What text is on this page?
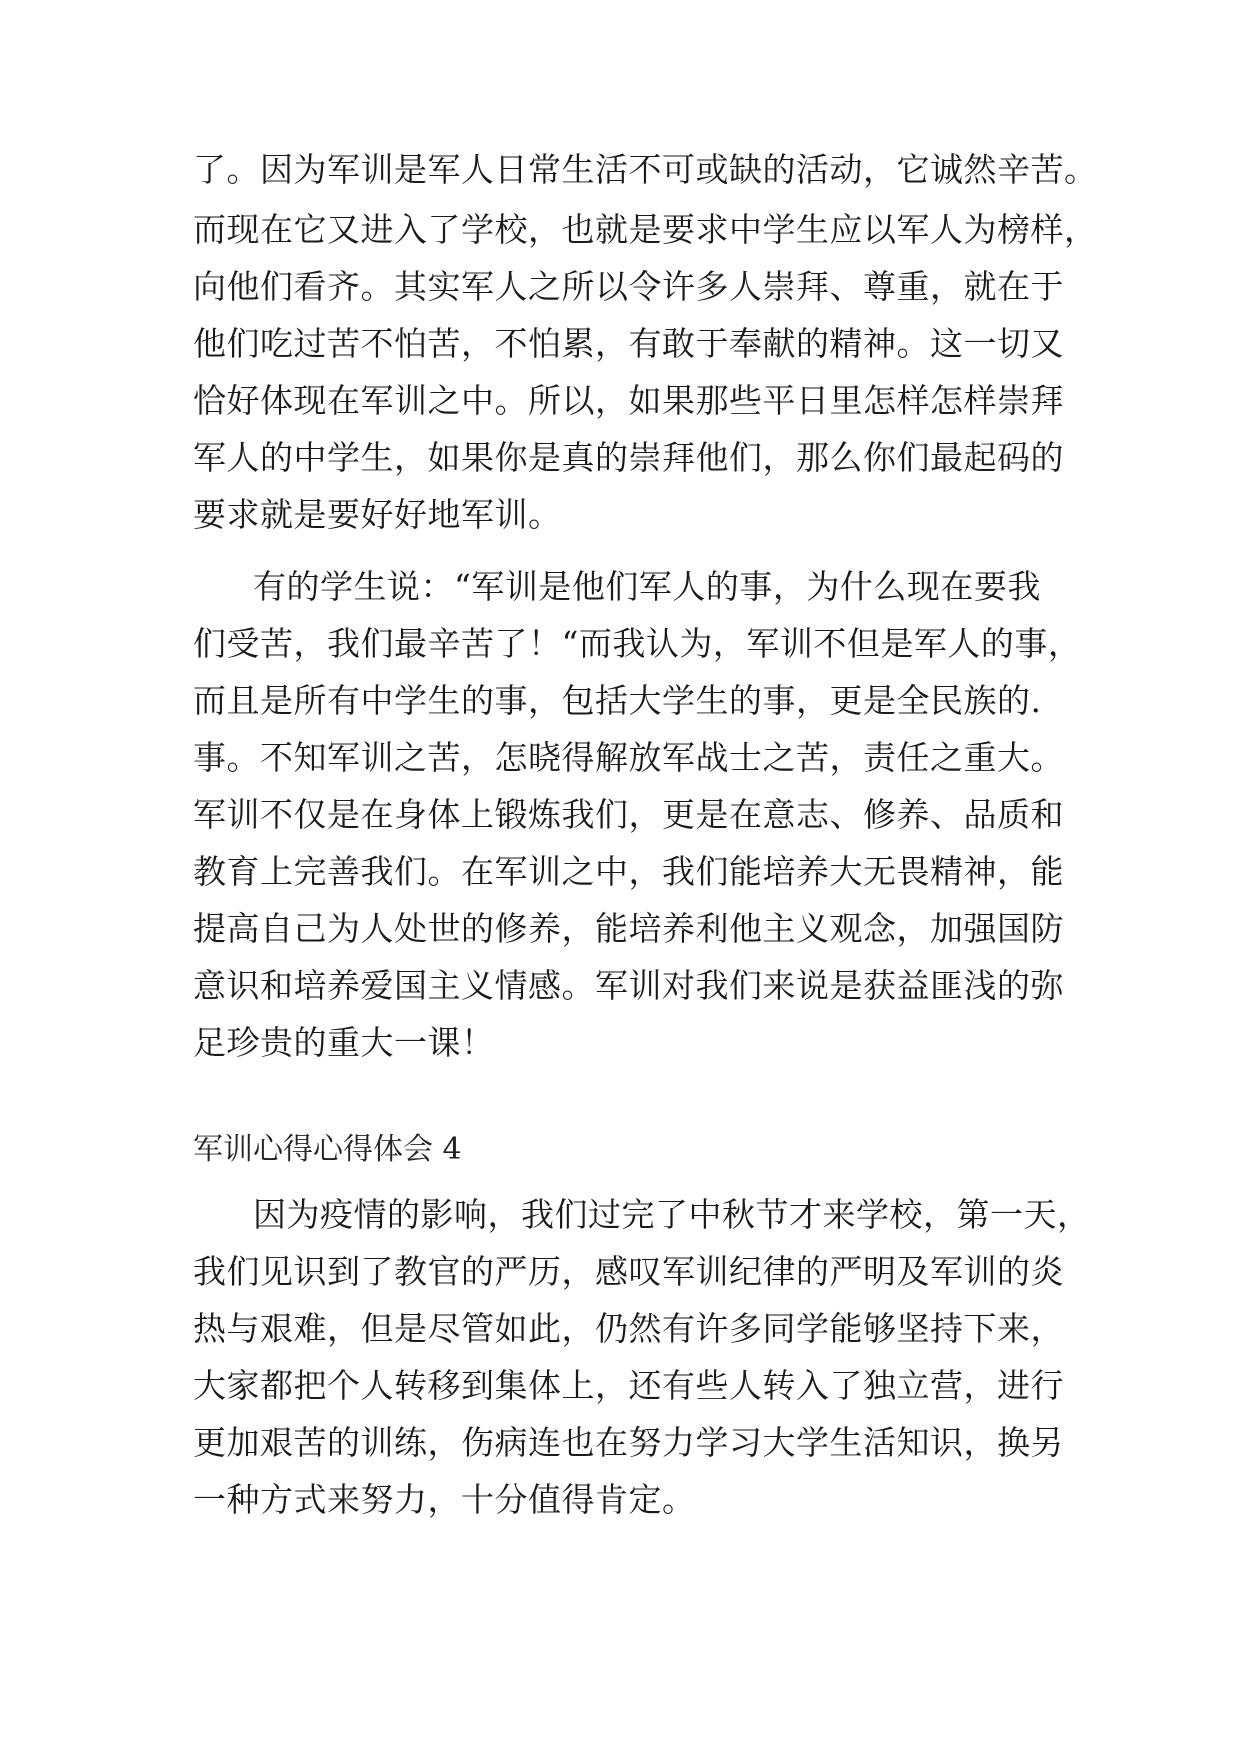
了。因为军训是军人日常生活不可或缺的活动，它诚然辛苦。
而现在它又进入了学校，也就是要求中学生应以军人为榜样，
向他们看齐。其实军人之所以令许多人崇拜、尊重，就在于
他们吃过苦不怕苦，不怕累，有敢于奉献的精神。这一切又
恰好体现在军训之中。所以，如果那些平日里怎样怎样崇拜
军人的中学生，如果你是真的崇拜他们，那么你们最起码的
要求就是要好好地军训。
有的学生说：“军训是他们军人的事，为什么现在要我
们受苦，我们最辛苦了！“而我认为，军训不但是军人的事，
而且是所有中学生的事，包括大学生的事，更是全民族的.
事。不知军训之苦，怎晓得解放军战士之苦，责任之重大。
军训不仅是在身体上锻炼我们，更是在意志、修养、品质和
教育上完善我们。在军训之中，我们能培养大无畏精神，能
提高自己为人处世的修养，能培养利他主义观念，加强国防
意识和培养爱国主义情感。军训对我们来说是获益匪浅的弥
足珍贵的重大一课！
军训心得心得体会 4
因为疫情的影响，我们过完了中秋节才来学校，第一天，
我们见识到了教官的严历，感叹军训纪律的严明及军训的炎
热与艰难，但是尽管如此，仍然有许多同学能够坚持下来，
大家都把个人转移到集体上，还有些人转入了独立营，进行
更加艰苦的训练，伤病连也在努力学习大学生活知识，换另
一种方式来努力，十分值得肯定。
